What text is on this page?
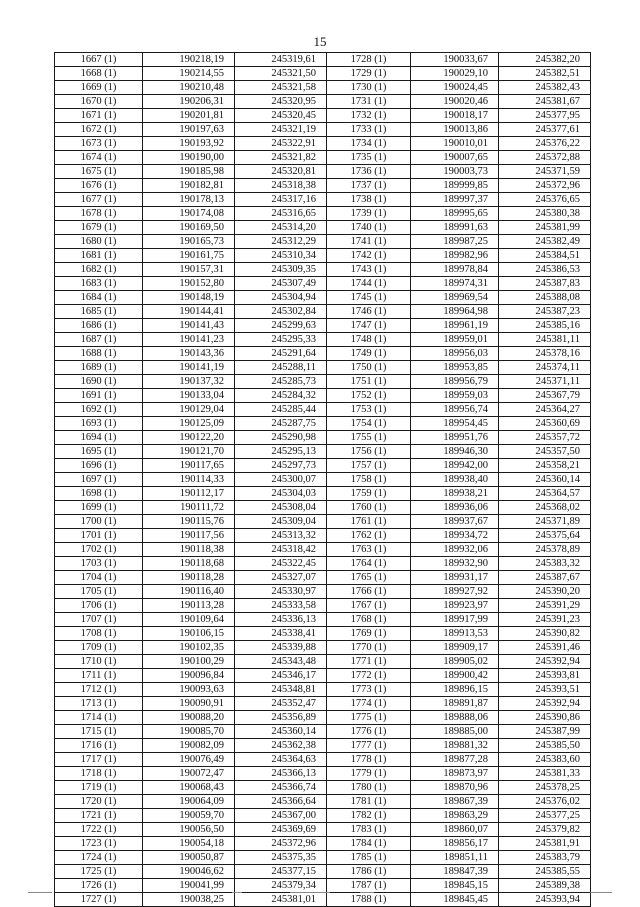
15
1667 (1)	190218,19	245319,61	1728 (1)	190033,67	245382,20
1668 (1)	190214,55	245321,50	1729 (1)	190029,10	245382,51
1669 (1)	190210,48	245321,58	1730 (1)	190024,45	245382,43
1670 (1)	190206,31	245320,95	1731 (1)	190020,46	245381,67
1671 (1)	190201,81	245320,45	1732 (1)	190018,17	245377,95
1672 (1)	190197,63	245321,19	1733 (1)	190013,86	245377,61
1673 (1)	190193,92	245322,91	1734 (1)	190010,01	245376,22
1674 (1)	190190,00	245321,82	1735 (1)	190007,65	245372,88
1675 (1)	190185,98	245320,81	1736 (1)	190003,73	245371,59
1676 (1)	190182,81	245318,38	1737 (1)	189999,85	245372,96
1677 (1)	190178,13	245317,16	1738 (1)	189997,37	245376,65
1678 (1)	190174,08	245316,65	1739 (1)	189995,65	245380,38
1679 (1)	190169,50	245314,20	1740 (1)	189991,63	245381,99
1680 (1)	190165,73	245312,29	1741 (1)	189987,25	245382,49
1681 (1)	190161,75	245310,34	1742 (1)	189982,96	245384,51
1682 (1)	190157,31	245309,35	1743 (1)	189978,84	245386,53
1683 (1)	190152,80	245307,49	1744 (1)	189974,31	245387,83
1684 (1)	190148,19	245304,94	1745 (1)	189969,54	245388,08
1685 (1)	190144,41	245302,84	1746 (1)	189964,98	245387,23
1686 (1)	190141,43	245299,63	1747 (1)	189961,19	245385,16
1687 (1)	190141,23	245295,33	1748 (1)	189959,01	245381,11
1688 (1)	190143,36	245291,64	1749 (1)	189956,03	245378,16
1689 (1)	190141,19	245288,11	1750 (1)	189953,85	245374,11
1690 (1)	190137,32	245285,73	1751 (1)	189956,79	245371,11
1691 (1)	190133,04	245284,32	1752 (1)	189959,03	245367,79
1692 (1)	190129,04	245285,44	1753 (1)	189956,74	245364,27
1693 (1)	190125,09	245287,75	1754 (1)	189954,45	245360,69
1694 (1)	190122,20	245290,98	1755 (1)	189951,76	245357,72
1695 (1)	190121,70	245295,13	1756 (1)	189946,30	245357,50
1696 (1)	190117,65	245297,73	1757 (1)	189942,00	245358,21
1697 (1)	190114,33	245300,07	1758 (1)	189938,40	245360,14
1698 (1)	190112,17	245304,03	1759 (1)	189938,21	245364,57
1699 (1)	190111,72	245308,04	1760 (1)	189936,06	245368,02
1700 (1)	190115,76	245309,04	1761 (1)	189937,67	245371,89
1701 (1)	190117,56	245313,32	1762 (1)	189934,72	245375,64
1702 (1)	190118,38	245318,42	1763 (1)	189932,06	245378,89
1703 (1)	190118,68	245322,45	1764 (1)	189932,90	245383,32
1704 (1)	190118,28	245327,07	1765 (1)	189931,17	245387,67
1705 (1)	190116,40	245330,97	1766 (1)	189927,92	245390,20
1706 (1)	190113,28	245333,58	1767 (1)	189923,97	245391,29
1707 (1)	190109,64	245336,13	1768 (1)	189917,99	245391,23
1708 (1)	190106,15	245338,41	1769 (1)	189913,53	245390,82
1709 (1)	190102,35	245339,88	1770 (1)	189909,17	245391,46
1710 (1)	190100,29	245343,48	1771 (1)	189905,02	245392,94
1711 (1)	190096,84	245346,17	1772 (1)	189900,42	245393,81
1712 (1)	190093,63	245348,81	1773 (1)	189896,15	245393,51
1713 (1)	190090,91	245352,47	1774 (1)	189891,87	245392,94
1714 (1)	190088,20	245356,89	1775 (1)	189888,06	245390,86
1715 (1)	190085,70	245360,14	1776 (1)	189885,00	245387,99
1716 (1)	190082,09	245362,38	1777 (1)	189881,32	245385,50
1717 (1)	190076,49	245364,63	1778 (1)	189877,28	245383,60
1718 (1)	190072,47	245366,13	1779 (1)	189873,97	245381,33
1719 (1)	190068,43	245366,74	1780 (1)	189870,96	245378,25
1720 (1)	190064,09	245366,64	1781 (1)	189867,39	245376,02
1721 (1)	190059,70	245367,00	1782 (1)	189863,29	245377,25
1722 (1)	190056,50	245369,69	1783 (1)	189860,07	245379,82
1723 (1)	190054,18	245372,96	1784 (1)	189856,17	245381,91
1724 (1)	190050,87	245375,35	1785 (1)	189851,11	245383,79
1725 (1)	190046,62	245377,15	1786 (1)	189847,39	245385,55
1726 (1)	190041,99	245379,34	1787 (1)	189845,15	245389,38
1727 (1)	190038,25	245381,01	1788 (1)	189845,45	245393,94
